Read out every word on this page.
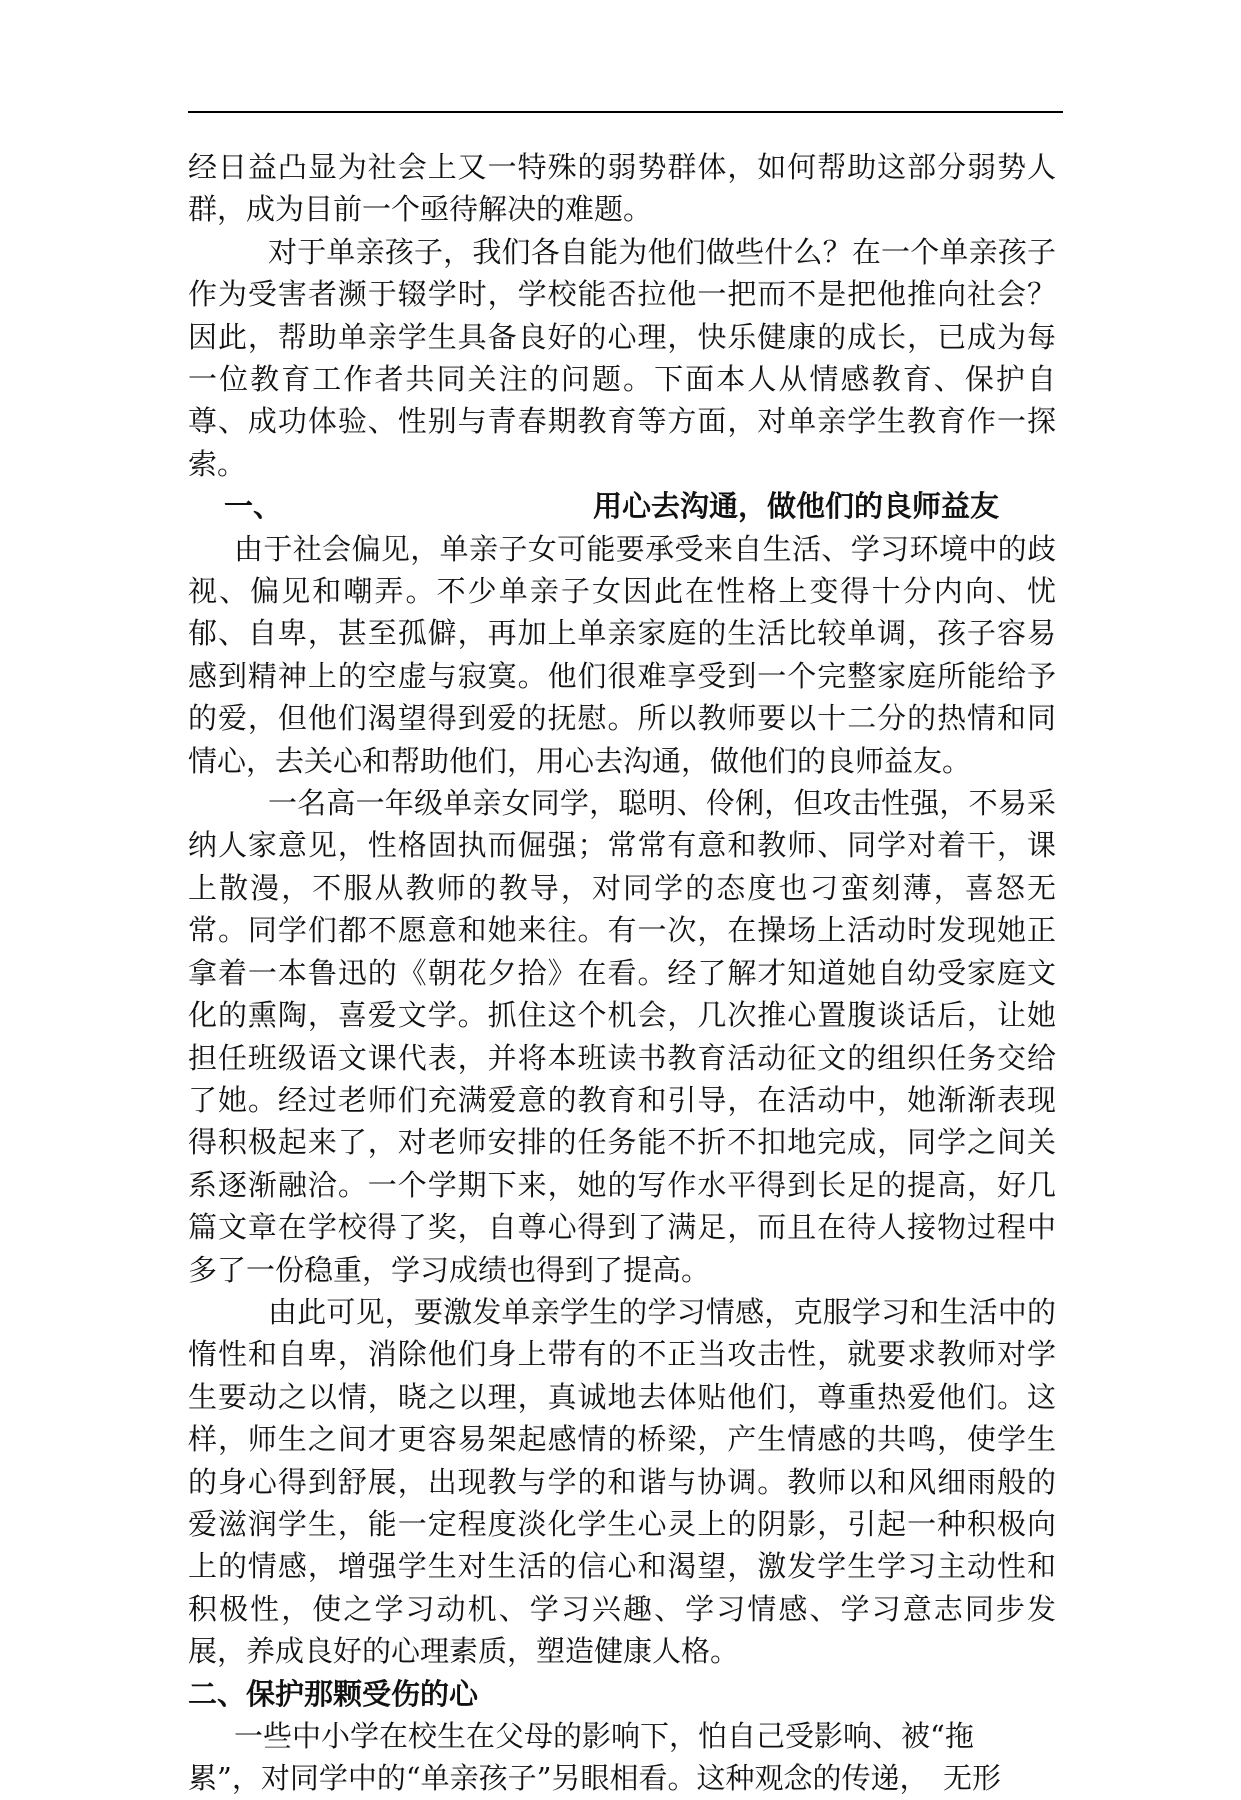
经日益凸显为社会上又一特殊的弱势群体，如何帮助这部分弱势人群，成为目前一个亟待解决的难题。

对于单亲孩子，我们各自能为他们做些什么？在一个单亲孩子作为受害者濒于辍学时，学校能否拉他一把而不是把他推向社会？因此，帮助单亲学生具备良好的心理，快乐健康的成长，已成为每一位教育工作者共同关注的问题。下面本人从情感教育、保护自尊、成功体验、性别与青春期教育等方面，对单亲学生教育作一探索。

一、	用心去沟通，做他们的良师益友

由于社会偏见，单亲子女可能要承受来自生活、学习环境中的歧视、偏见和嘲弄。不少单亲子女因此在性格上变得十分内向、忧郁、自卑，甚至孤僻，再加上单亲家庭的生活比较单调，孩子容易感到精神上的空虚与寂寞。他们很难享受到一个完整家庭所能给予的爱，但他们渴望得到爱的抚慰。所以教师要以十二分的热情和同情心，去关心和帮助他们，用心去沟通，做他们的良师益友。

一名高一年级单亲女同学，聪明、伶俐，但攻击性强，不易采纳人家意见，性格固执而倔强；常常有意和教师、同学对着干，课上散漫，不服从教师的教导，对同学的态度也刁蛮刻薄，喜怒无常。同学们都不愿意和她来往。有一次，在操场上活动时发现她正拿着一本鲁迅的《朝花夕拾》在看。经了解才知道她自幼受家庭文化的熏陶，喜爱文学。抓住这个机会，几次推心置腹谈话后，让她担任班级语文课代表，并将本班读书教育活动征文的组织任务交给了她。经过老师们充满爱意的教育和引导，在活动中，她渐渐表现得积极起来了，对老师安排的任务能不折不扣地完成，同学之间关系逐渐融洽。一个学期下来，她的写作水平得到长足的提高，好几篇文章在学校得了奖，自尊心得到了满足，而且在待人接物过程中多了一份稳重，学习成绩也得到了提高。

由此可见，要激发单亲学生的学习情感，克服学习和生活中的惰性和自卑，消除他们身上带有的不正当攻击性，就要求教师对学生要动之以情，晓之以理，真诚地去体贴他们，尊重热爱他们。这样，师生之间才更容易架起感情的桥梁，产生情感的共鸣，使学生的身心得到舒展，出现教与学的和谐与协调。教师以和风细雨般的爱滋润学生，能一定程度淡化学生心灵上的阴影，引起一种积极向上的情感，增强学生对生活的信心和渴望，激发学生学习主动性和积极性，使之学习动机、学习兴趣、学习情感、学习意志同步发展，养成良好的心理素质，塑造健康人格。

二、保护那颗受伤的心

一些中小学在校生在父母的影响下，怕自己受影响、被“拖

累”，对同学中的“单亲孩子”另眼相看。这种观念的传递，　无形
